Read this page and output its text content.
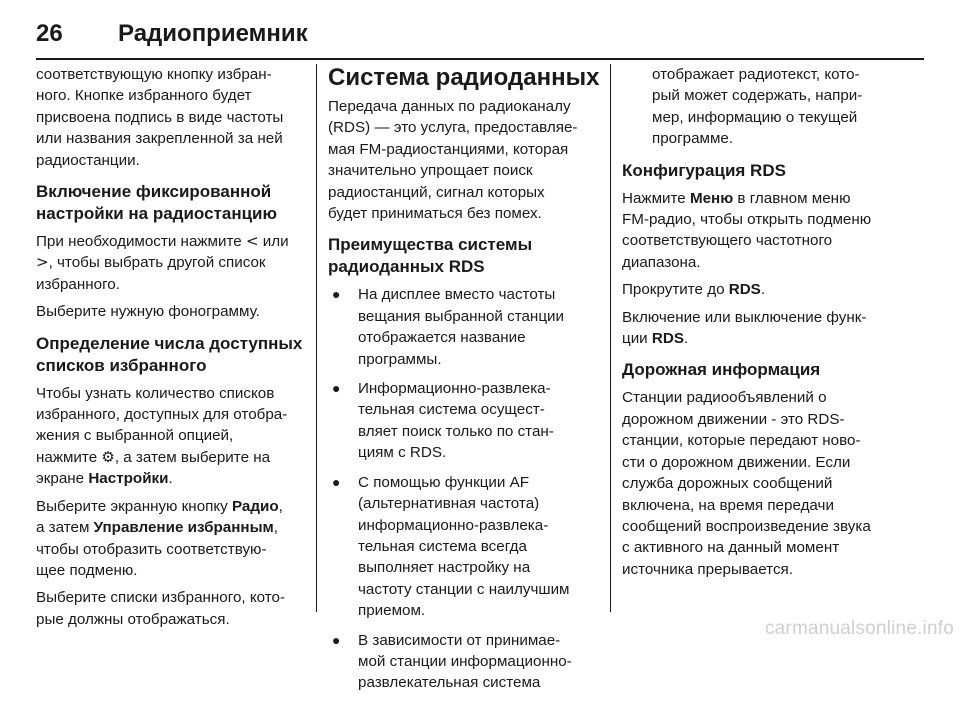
26 Радиоприемник

соответствующую кнопку избран-
ного. Кнопке избранного будет
присвоена подпись в виде частоты
или названия закрепленной за ней
радиостанции.

Включение фиксированной
настройки на радиостанцию

При необходимости нажмите < или
>, чтобы выбрать другой список
избранного.

Выберите нужную фонограмму.

Определение числа доступных
списков избранного

Чтобы узнать количество списков
избранного, доступных для отобра-
жения с выбранной опцией,
нажмите ⚙, а затем выберите на
экране Настройки.

Выберите экранную кнопку Радио,
а затем Управление избранным,
чтобы отобразить соответствую-
щее подменю.

Выберите списки избранного, кото-
рые должны отображаться.

Система радиоданных

Передача данных по радиоканалу
(RDS) — это услуга, предоставляе-
мая FM-радиостанциями, которая
значительно упрощает поиск
радиостанций, сигнал которых
будет приниматься без помех.

Преимущества системы
радиоданных RDS
● На дисплее вместо частоты
вещания выбранной станции
отображается название
программы.
● Информационно-развлека-
тельная система осущест-
вляет поиск только по стан-
циям с RDS.
● С помощью функции AF
(альтернативная частота)
информационно-развлека-
тельная система всегда
выполняет настройку на
частоту станции с наилучшим
приемом.
● В зависимости от принимае-
мой станции информационно-
развлекательная система

отображает радиотекст, кото-
рый может содержать, напри-
мер, информацию о текущей
программе.

Конфигурация RDS

Нажмите Меню в главном меню
FM-радио, чтобы открыть подменю
соответствующего частотного
диапазона.

Прокрутите до RDS.

Включение или выключение функ-
ции RDS.

Дорожная информация

Станции радиообъявлений о
дорожном движении - это RDS-
станции, которые передают ново-
сти о дорожном движении. Если
служба дорожных сообщений
включена, на время передачи
сообщений воспроизведение звука
с активного на данный момент
источника прерывается.

carmanualsonline.info
